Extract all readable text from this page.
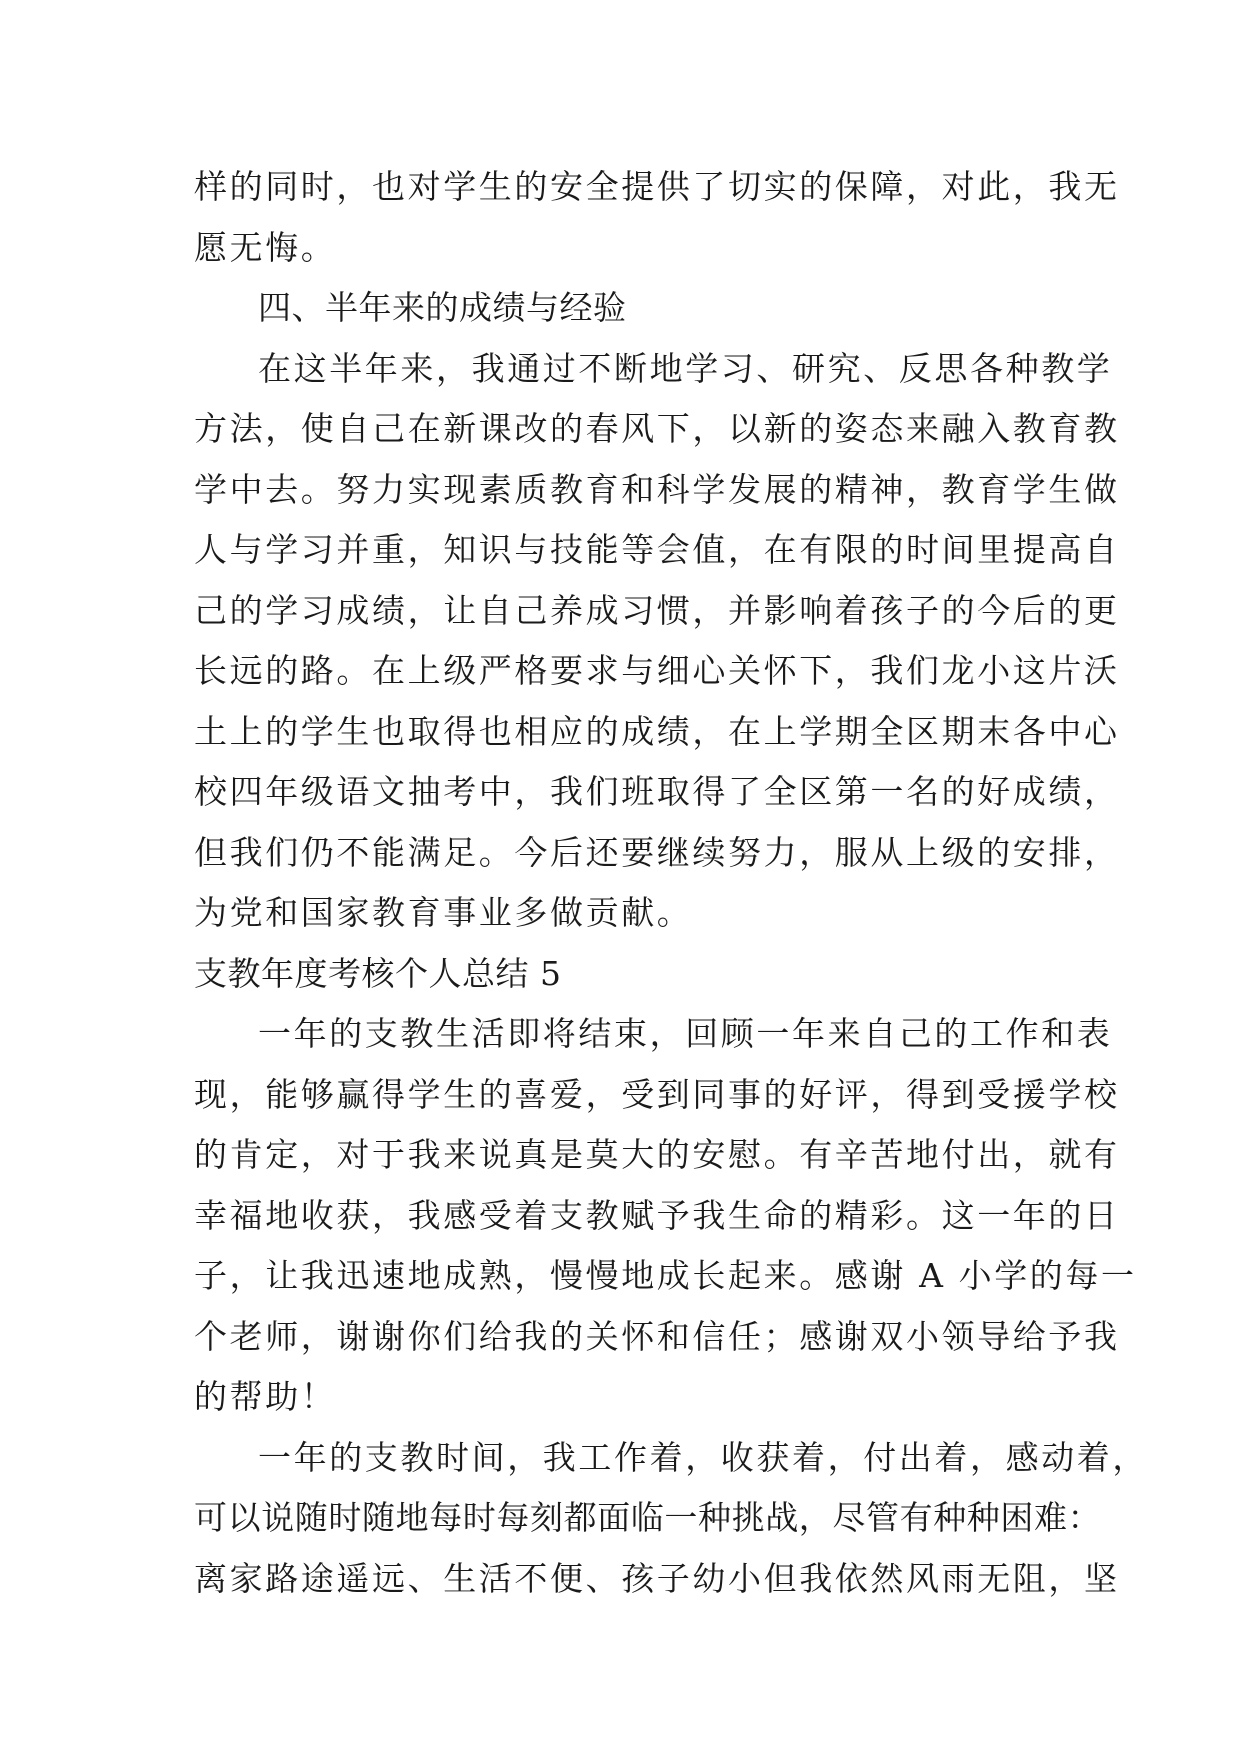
样的同时，也对学生的安全提供了切实的保障，对此，我无
愿无悔。
四、半年来的成绩与经验
在这半年来，我通过不断地学习、研究、反思各种教学
方法，使自己在新课改的春风下，以新的姿态来融入教育教
学中去。努力实现素质教育和科学发展的精神，教育学生做
人与学习并重，知识与技能等会值，在有限的时间里提高自
己的学习成绩，让自己养成习惯，并影响着孩子的今后的更
长远的路。在上级严格要求与细心关怀下，我们龙小这片沃
土上的学生也取得也相应的成绩，在上学期全区期末各中心
校四年级语文抽考中，我们班取得了全区第一名的好成绩，
但我们仍不能满足。今后还要继续努力，服从上级的安排，
为党和国家教育事业多做贡献。
支教年度考核个人总结 5
一年的支教生活即将结束，回顾一年来自己的工作和表
现，能够赢得学生的喜爱，受到同事的好评，得到受援学校
的肯定，对于我来说真是莫大的安慰。有辛苦地付出，就有
幸福地收获，我感受着支教赋予我生命的精彩。这一年的日
子，让我迅速地成熟，慢慢地成长起来。感谢 A 小学的每一
个老师，谢谢你们给我的关怀和信任；感谢双小领导给予我
的帮助！
一年的支教时间，我工作着，收获着，付出着，感动着，
可以说随时随地每时每刻都面临一种挑战，尽管有种种困难：
离家路途遥远、生活不便、孩子幼小但我依然风雨无阻，坚
